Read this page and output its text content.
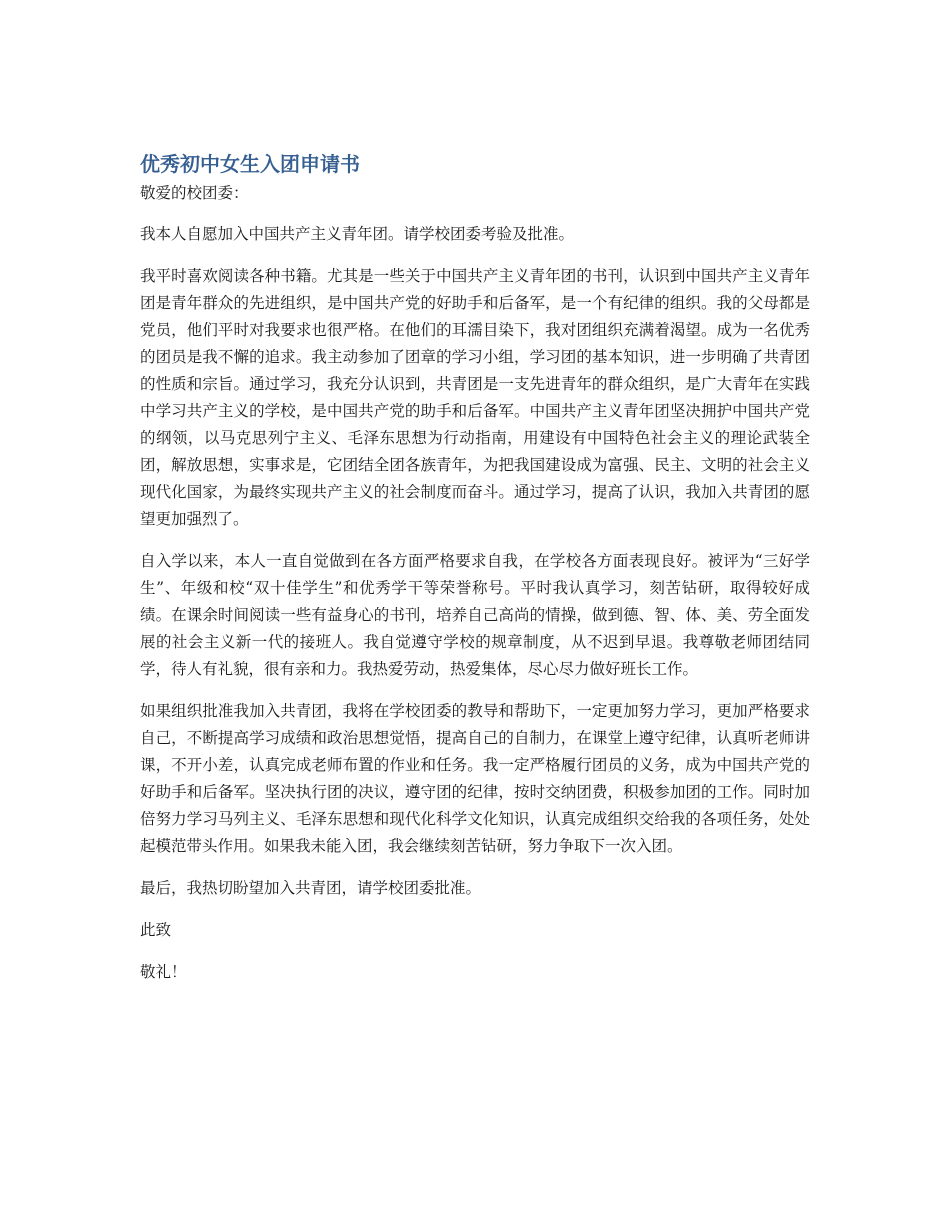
优秀初中女生入团申请书

敬爱的校团委：

我本人自愿加入中国共产主义青年团。请学校团委考验及批准。

我平时喜欢阅读各种书籍。尤其是一些关于中国共产主义青年团的书刊，认识到中国共产主义青年团是青年群众的先进组织，是中国共产党的好助手和后备军，是一个有纪律的组织。我的父母都是党员，他们平时对我要求也很严格。在他们的耳濡目染下，我对团组织充满着渴望。成为一名优秀的团员是我不懈的追求。我主动参加了团章的学习小组，学习团的基本知识，进一步明确了共青团的性质和宗旨。通过学习，我充分认识到，共青团是一支先进青年的群众组织，是广大青年在实践中学习共产主义的学校，是中国共产党的助手和后备军。中国共产主义青年团坚决拥护中国共产党的纲领，以马克思列宁主义、毛泽东思想为行动指南，用建设有中国特色社会主义的理论武装全团，解放思想，实事求是，它团结全团各族青年，为把我国建设成为富强、民主、文明的社会主义现代化国家，为最终实现共产主义的社会制度而奋斗。通过学习，提高了认识，我加入共青团的愿望更加强烈了。

自入学以来，本人一直自觉做到在各方面严格要求自我，在学校各方面表现良好。被评为“三好学生”、年级和校“双十佳学生”和优秀学干等荣誉称号。平时我认真学习，刻苦钻研，取得较好成绩。在课余时间阅读一些有益身心的书刊，培养自己高尚的情操，做到德、智、体、美、劳全面发展的社会主义新一代的接班人。我自觉遵守学校的规章制度，从不迟到早退。我尊敬老师团结同学，待人有礼貌，很有亲和力。我热爱劳动，热爱集体，尽心尽力做好班长工作。

如果组织批准我加入共青团，我将在学校团委的教导和帮助下，一定更加努力学习，更加严格要求自己，不断提高学习成绩和政治思想觉悟，提高自己的自制力，在课堂上遵守纪律，认真听老师讲课，不开小差，认真完成老师布置的作业和任务。我一定严格履行团员的义务，成为中国共产党的好助手和后备军。坚决执行团的决议，遵守团的纪律，按时交纳团费，积极参加团的工作。同时加倍努力学习马列主义、毛泽东思想和现代化科学文化知识，认真完成组织交给我的各项任务，处处起模范带头作用。如果我未能入团，我会继续刻苦钻研，努力争取下一次入团。

最后，我热切盼望加入共青团，请学校团委批准。

此致

敬礼！
